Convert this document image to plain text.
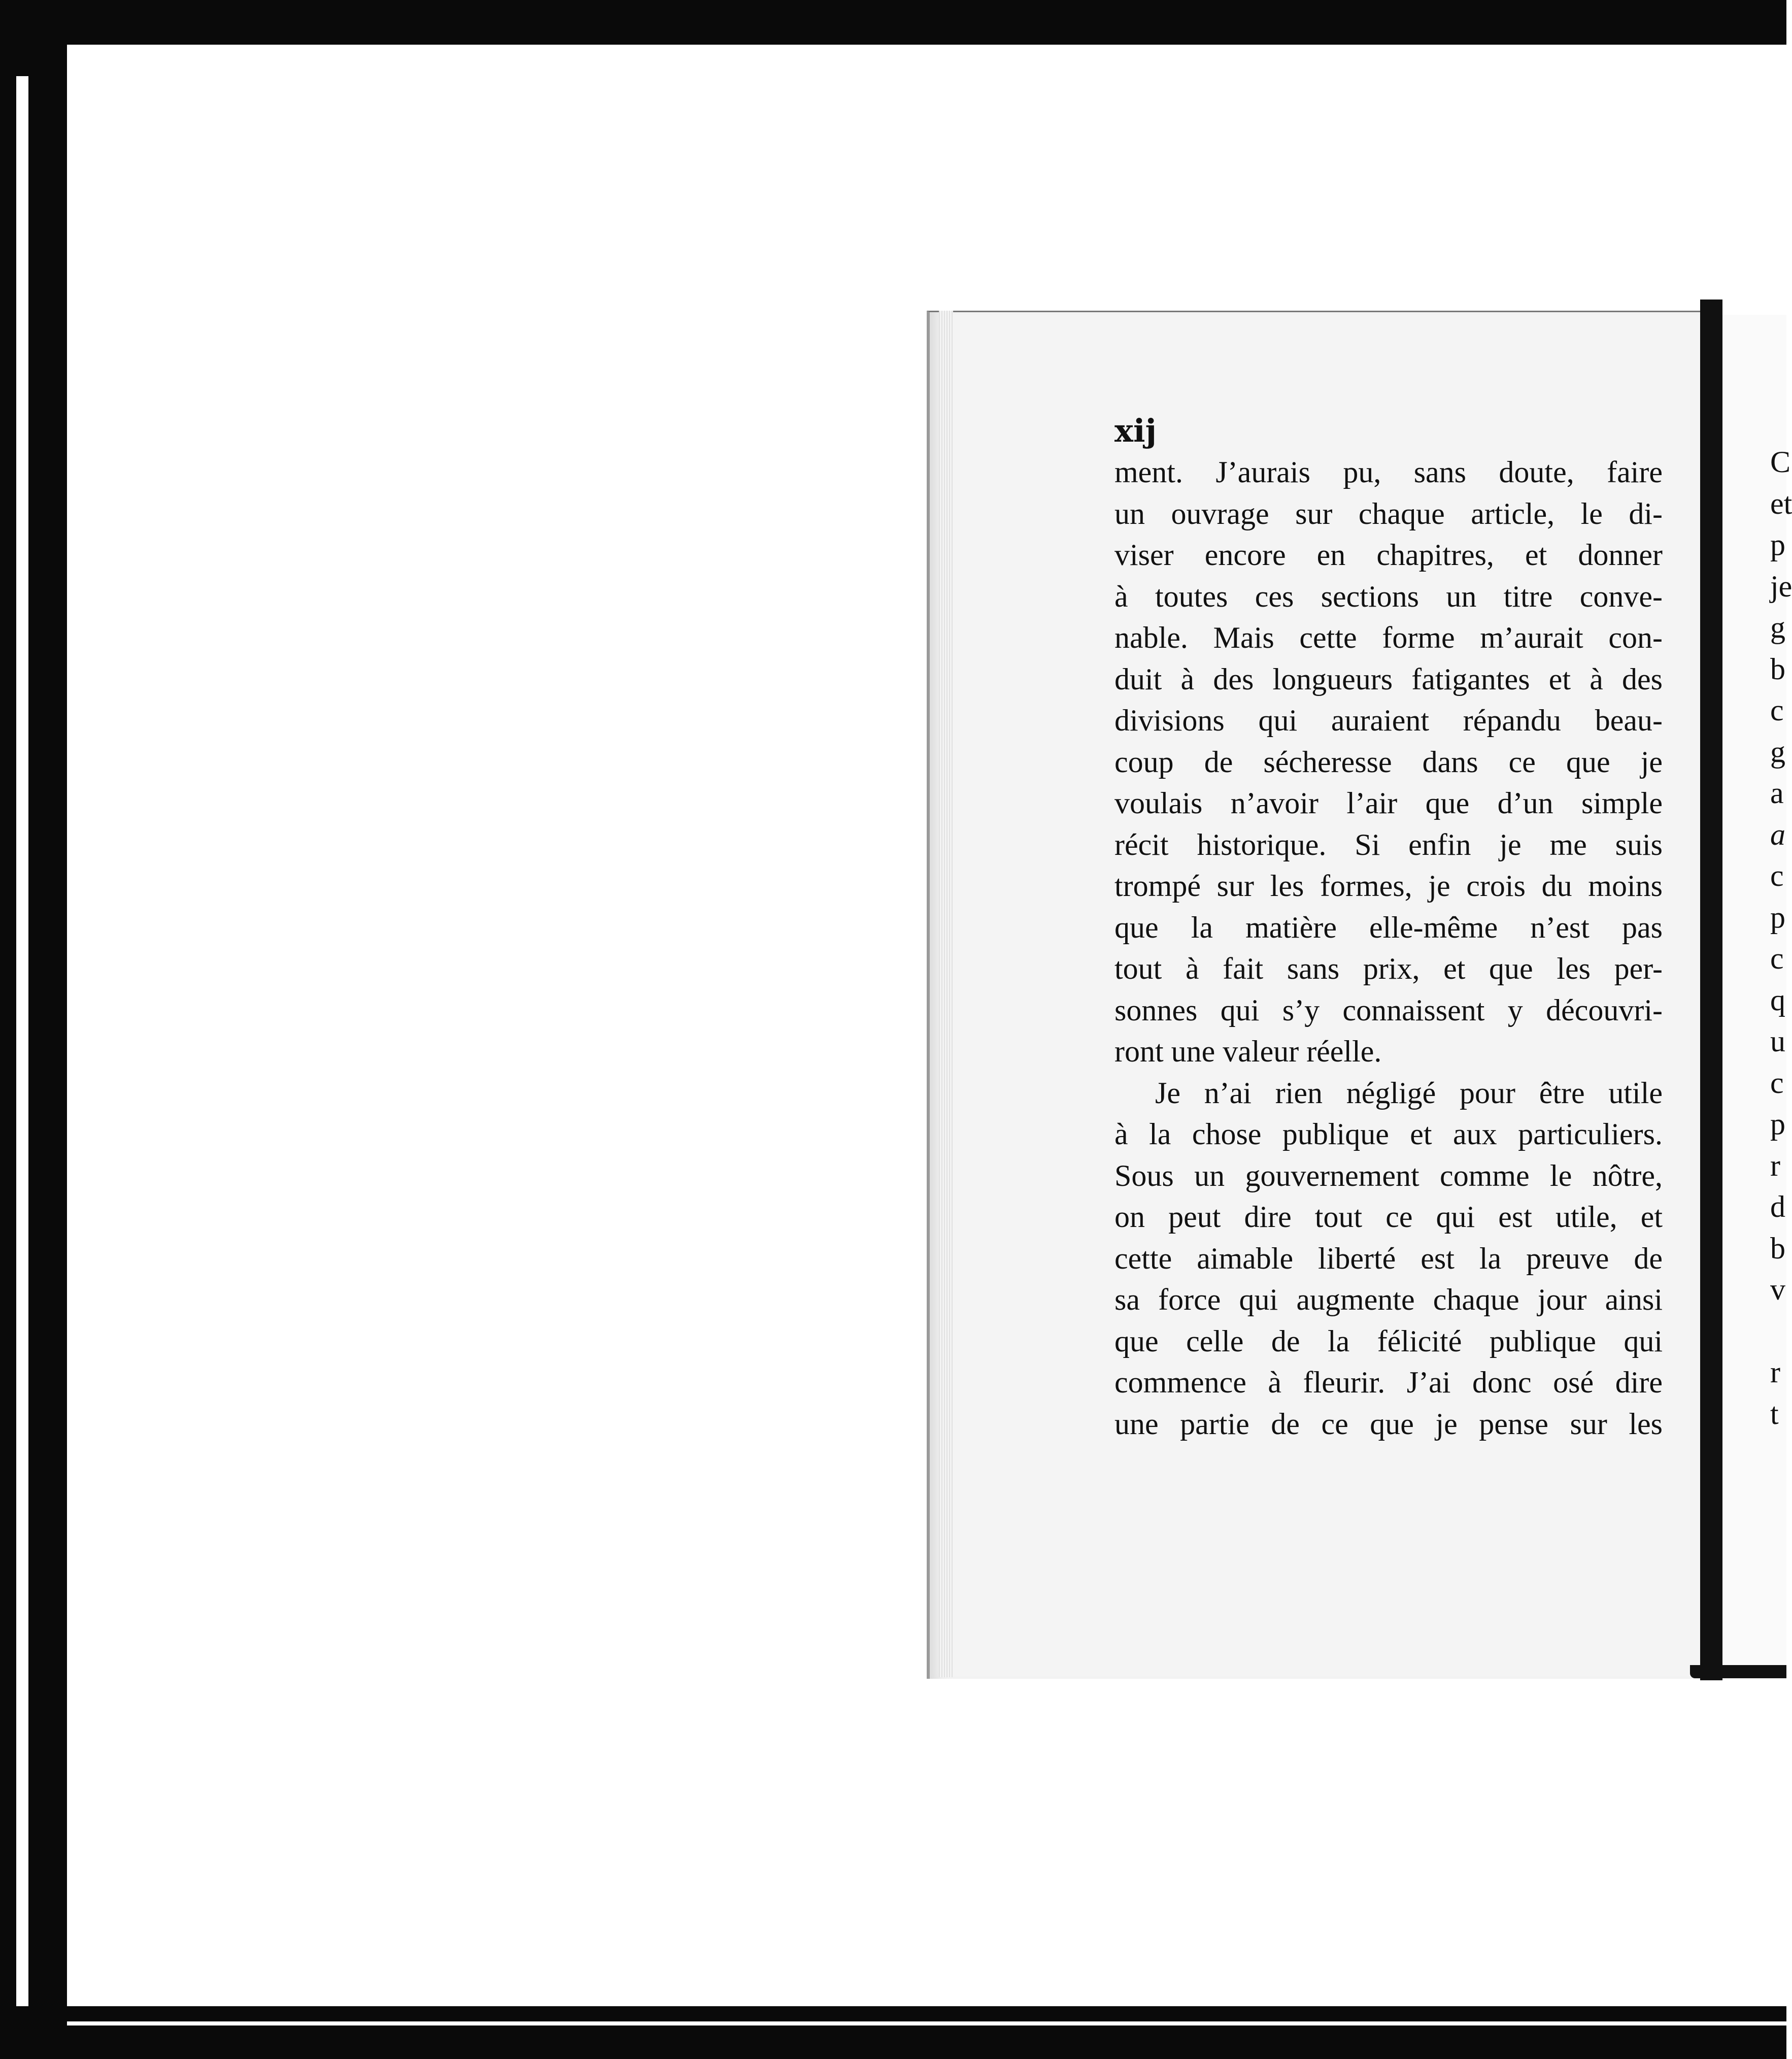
xij
ment. J’aurais pu, sans doute, faire
un ouvrage sur chaque article, le di-
viser encore en chapitres, et donner
à toutes ces sections un titre conve-
nable. Mais cette forme m’aurait con-
duit à des longueurs fatigantes et à des
divisions qui auraient répandu beau-
coup de sécheresse dans ce que je
voulais n’avoir l’air que d’un simple
récit historique. Si enfin je me suis
trompé sur les formes, je crois du moins
que la matière elle-même n’est pas
tout à fait sans prix, et que les per-
sonnes qui s’y connaissent y découvri-
ront une valeur réelle.
Je n’ai rien négligé pour être utile
à la chose publique et aux particuliers.
Sous un gouvernement comme le nôtre,
on peut dire tout ce qui est utile, et
cette aimable liberté est la preuve de
sa force qui augmente chaque jour ainsi
que celle de la félicité publique qui
commence à fleurir. J’ai donc osé dire
une partie de ce que je pense sur les
C
et
p
je
g
b
c
g
a
a
c
p
c
q
u
c
p
r
d
b
v
r
t
